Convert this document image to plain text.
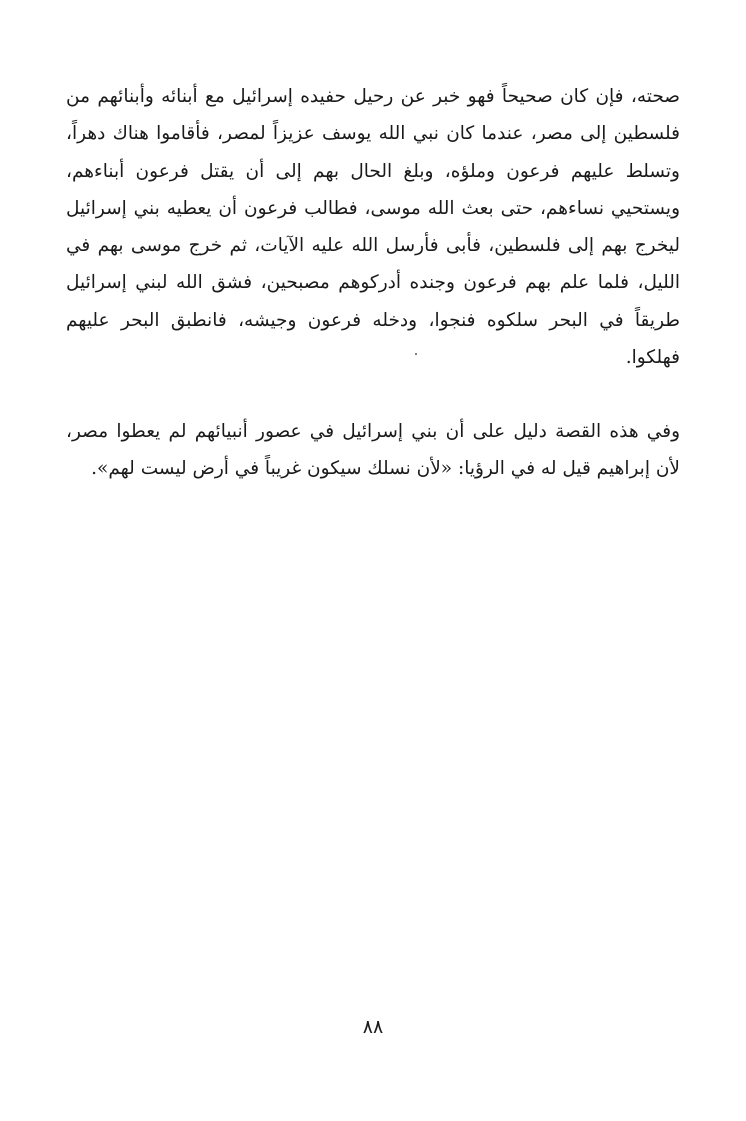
صحته، فإن كان صحيحاً فهو خبر عن رحيل حفيده إسرائيل مع أبنائه وأبنائهم من
فلسطين إلى مصر، عندما كان نبي الله يوسف عزيزاً لمصر، فأقاموا هناك دهراً،
وتسلط عليهم فرعون وملؤه، وبلغ الحال بهم إلى أن يقتل فرعون أبناءهم،
ويستحيي نساءهم، حتى بعث الله موسى، فطالب فرعون أن يعطيه بني إسرائيل
ليخرج بهم إلى فلسطين، فأبى فأرسل الله عليه الآيات، ثم خرج موسى بهم في
الليل، فلما علم بهم فرعون وجنده أدركوهم مصبحين، فشق الله لبني إسرائيل
طريقاً في البحر سلكوه فنجوا، ودخله فرعون وجيشه، فانطبق البحر عليهم
فهلكوا.
وفي هذه القصة دليل على أن بني إسرائيل في عصور أنبيائهم لم يعطوا مصر،
لأن إبراهيم قيل له في الرؤيا: «لأن نسلك سيكون غريباً في أرض ليست لهم».
٨٨
